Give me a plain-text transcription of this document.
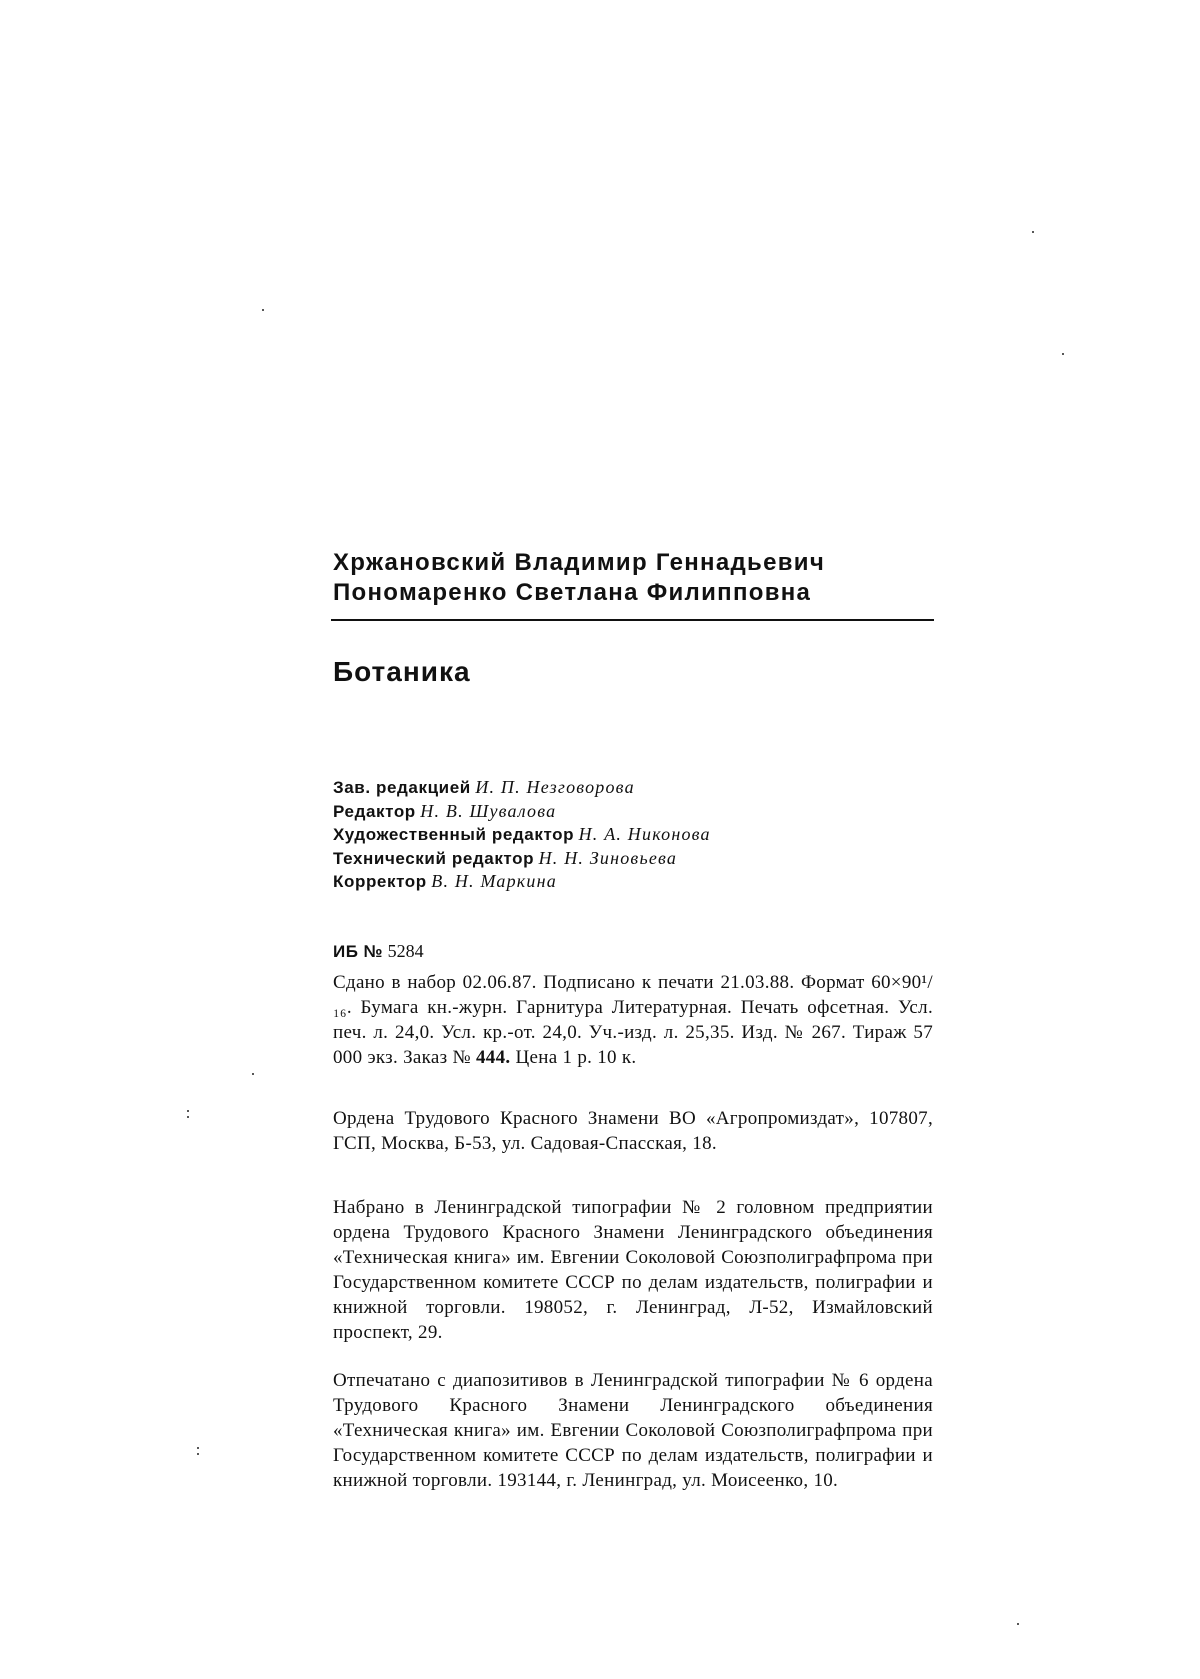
Хржановский Владимир Геннадьевич
Пономаренко Светлана Филипповна
Ботаника
Зав. редакцией И. П. Незговорова
Редактор Н. В. Шувалова
Художественный редактор Н. А. Никонова
Технический редактор Н. Н. Зиновьева
Корректор В. Н. Маркина
ИБ № 5284
Сдано в набор 02.06.87. Подписано к печати 21.03.88. Формат 60×90¹/₁₆. Бумага кн.-журн. Гарнитура Литературная. Печать офсетная. Усл. печ. л. 24,0. Усл. кр.-от. 24,0. Уч.-изд. л. 25,35. Изд. № 267. Тираж 57 000 экз. Заказ № 444. Цена 1 р. 10 к.
Ордена Трудового Красного Знамени ВО «Агропромиздат», 107807, ГСП, Москва, Б-53, ул. Садовая-Спасская, 18.
Набрано в Ленинградской типографии № 2 головном предприятии ордена Трудового Красного Знамени Ленинградского объединения «Техническая книга» им. Евгении Соколовой Союзполиграфпрома при Государственном комитете СССР по делам издательств, полиграфии и книжной торговли. 198052, г. Ленинград, Л-52, Измайловский проспект, 29.
Отпечатано с диапозитивов в Ленинградской типографии № 6 ордена Трудового Красного Знамени Ленинградского объединения «Техническая книга» им. Евгении Соколовой Союзполиграфпрома при Государственном комитете СССР по делам издательств, полиграфии и книжной торговли. 193144, г. Ленинград, ул. Моисеенко, 10.
